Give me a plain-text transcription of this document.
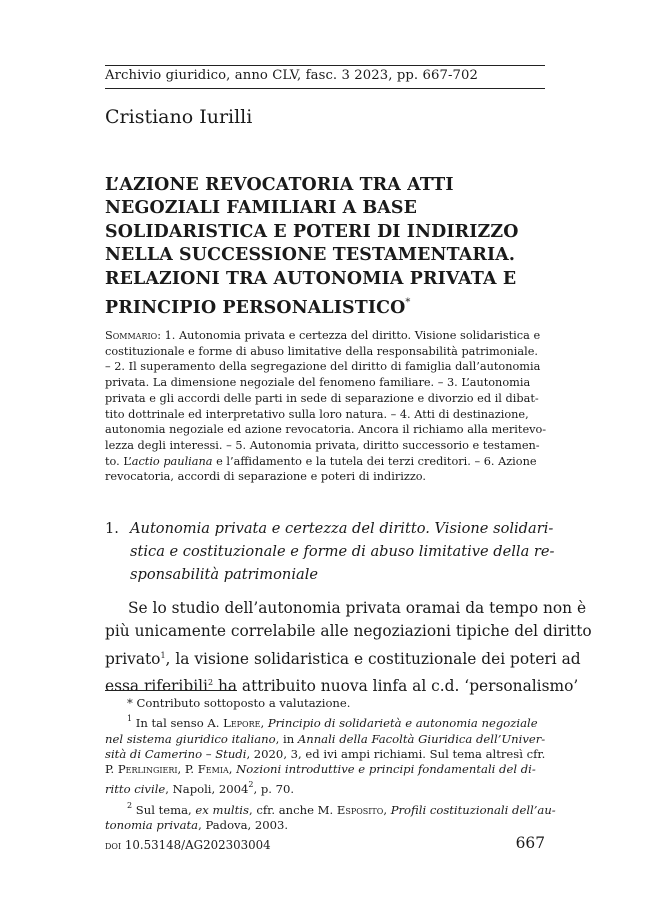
Archivio giuridico, anno CLV, fasc. 3 2023, pp. 667-702
Cristiano Iurilli
L’AZIONE REVOCATORIA TRA ATTI
NEGOZIALI FAMILIARI A BASE
SOLIDARISTICA E POTERI DI INDIRIZZO
NELLA SUCCESSIONE TESTAMENTARIA.
RELAZIONI TRA AUTONOMIA PRIVATA E
PRINCIPIO PERSONALISTICO*
Sommario: 1. Autonomia privata e certezza del diritto. Visione solidaristica e
costituzionale e forme di abuso limitative della responsabilità patrimoniale.
– 2. Il superamento della segregazione del diritto di famiglia dall’autonomia
privata. La dimensione negoziale del fenomeno familiare. – 3. L’autonomia
privata e gli accordi delle parti in sede di separazione e divorzio ed il dibat-
tito dottrinale ed interpretativo sulla loro natura. – 4. Atti di destinazione,
autonomia negoziale ed azione revocatoria. Ancora il richiamo alla meritevo-
lezza degli interessi. – 5. Autonomia privata, diritto successorio e testamen-
to. L’actio pauliana e l’affidamento e la tutela dei terzi creditori. – 6. Azione
revocatoria, accordi di separazione e poteri di indirizzo.
1. Autonomia privata e certezza del diritto. Visione solidari-
stica e costituzionale e forme di abuso limitative della re-
sponsabilità patrimoniale
Se lo studio dell’autonomia privata oramai da tempo non è
più unicamente correlabile alle negoziazioni tipiche del diritto
privato$^1$, la visione solidaristica e costituzionale dei poteri ad
essa riferibili$^2$ ha attribuito nuova linfa al c.d. ‘personalismo’
* Contributo sottoposto a valutazione.
$^1$ In tal senso A. Lepore, Principio di solidarietà e autonomia negoziale
nel sistema giuridico italiano, in Annali della Facoltà Giuridica dell’Univer-
sità di Camerino – Studi, 2020, 3, ed ivi ampi richiami. Sul tema altresì cfr.
P. Perlingieri, P. Femia, Nozioni introduttive e principi fondamentali del di-
ritto civile, Napoli, 2004$^2$, p. 70.
$^2$ Sul tema, ex multis, cfr. anche M. Esposito, Profili costituzionali dell’au-
tonomia privata, Padova, 2003.
doi 10.53148/AG202303004	667
